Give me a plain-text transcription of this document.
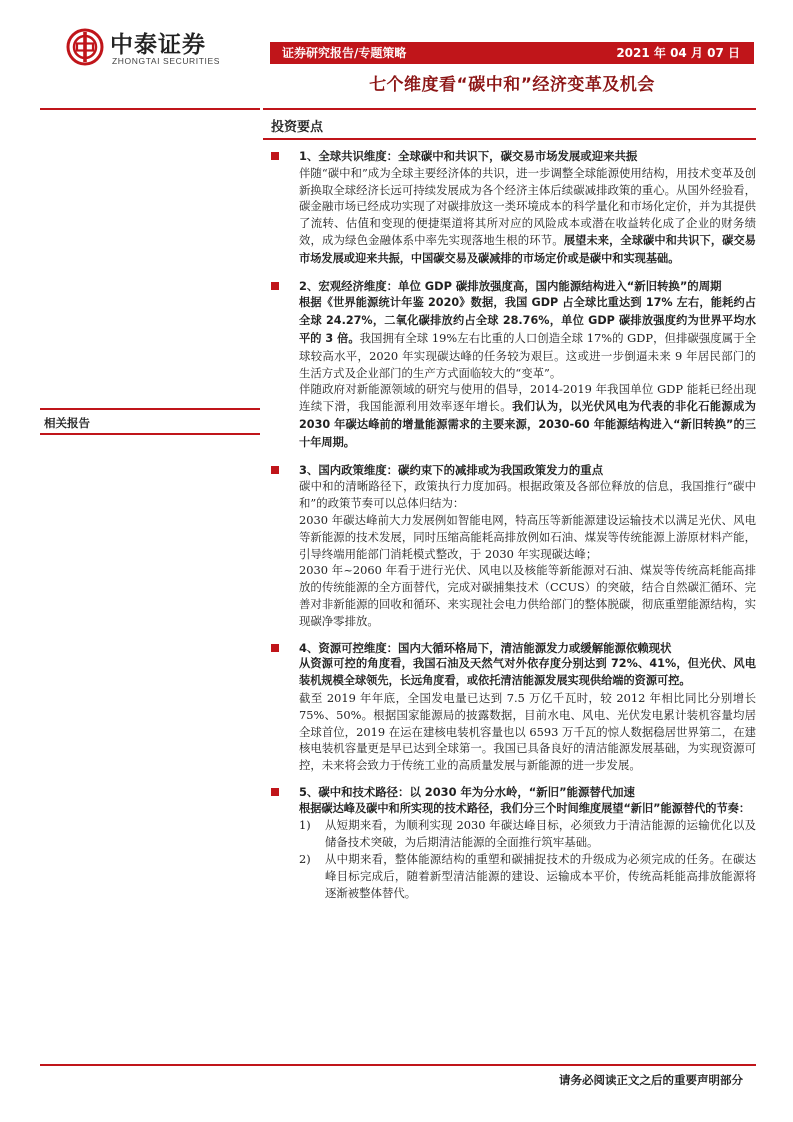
中泰证券
ZHONGTAI SECURITIES
证券研究报告/专题策略	2021 年 04 月 07 日
七个维度看“碳中和”经济变革及机会
相关报告
投资要点

1、全球共识维度：全球碳中和共识下，碳交易市场发展或迎来共振

伴随“碳中和”成为全球主要经济体的共识，进一步调整全球能源使用结构，用技术变革及创新换取全球经济长远可持续发展成为各个经济主体后续碳减排政策的重心。从国外经验看，碳金融市场已经成功实现了对碳排放这一类环境成本的科学量化和市场化定价，并为其提供了流转、估值和变现的便捷渠道将其所对应的风险成本或潜在收益转化成了企业的财务绩效，成为绿色金融体系中率先实现落地生根的环节。展望未来，全球碳中和共识下，碳交易市场发展或迎来共振，中国碳交易及碳减排的市场定价或是碳中和实现基础。

2、宏观经济维度：单位 GDP 碳排放强度高，国内能源结构进入“新旧转换”的周期

根据《世界能源统计年鉴 2020》数据，我国 GDP 占全球比重达到 17% 左右，能耗约占全球 24.27%，二氧化碳排放约占全球 28.76%，单位 GDP 碳排放强度约为世界平均水平的 3 倍。我国拥有全球 19%左右比重的人口创造全球 17%的 GDP，但排碳强度属于全球较高水平，2020 年实现碳达峰的任务较为艰巨。这或进一步倒逼未来 9 年居民部门的生活方式及企业部门的生产方式面临较大的“变革”。

伴随政府对新能源领域的研究与使用的倡导，2014-2019 年我国单位 GDP 能耗已经出现连续下滑，我国能源利用效率逐年增长。我们认为，以光伏风电为代表的非化石能源成为 2030 年碳达峰前的增量能源需求的主要来源，2030-60 年能源结构进入“新旧转换”的三十年周期。

3、国内政策维度：碳约束下的减排或为我国政策发力的重点

碳中和的清晰路径下，政策执行力度加码。根据政策及各部位释放的信息，我国推行“碳中和”的政策节奏可以总体归结为：

2030 年碳达峰前大力发展例如智能电网，特高压等新能源建设运输技术以满足光伏、风电等新能源的技术发展，同时压缩高能耗高排放例如石油、煤炭等传统能源上游原材料产能，引导终端用能部门消耗模式整改，于 2030 年实现碳达峰；

2030 年~2060 年看于进行光伏、风电以及核能等新能源对石油、煤炭等传统高耗能高排放的传统能源的全方面替代，完成对碳捕集技术（CCUS）的突破，结合自然碳汇循环、完善对非新能源的回收和循环、来实现社会电力供给部门的整体脱碳，彻底重塑能源结构，实现碳净零排放。

4、资源可控维度：国内大循环格局下，清洁能源发力或缓解能源依赖现状

从资源可控的角度看，我国石油及天然气对外依存度分别达到 72%、41%，但光伏、风电装机规模全球领先，长远角度看，或依托清洁能源发展实现供给端的资源可控。

截至 2019 年年底，全国发电量已达到 7.5 万亿千瓦时，较 2012 年相比同比分别增长 75%、50%。根据国家能源局的披露数据，目前水电、风电、光伏发电累计装机容量均居全球首位，2019 在运在建核电装机容量也以 6593 万千瓦的惊人数据稳居世界第二，在建核电装机容量更是早已达到全球第一。我国已具备良好的清洁能源发展基础，为实现资源可控，未来将会致力于传统工业的高质量发展与新能源的进一步发展。

5、碳中和技术路径：以 2030 年为分水岭，“新旧”能源替代加速

根据碳达峰及碳中和所实现的技术路径，我们分三个时间维度展望“新旧”能源替代的节奏：

1) 从短期来看，为顺利实现 2030 年碳达峰目标，必须致力于清洁能源的运输优化以及储备技术突破，为后期清洁能源的全面推行筑牢基础。
2) 从中期来看，整体能源结构的重塑和碳捕捉技术的升级成为必须完成的任务。在碳达峰目标完成后，随着新型清洁能源的建设、运输成本平价，传统高耗能高排放能源将逐渐被整体替代。
请务必阅读正文之后的重要声明部分
